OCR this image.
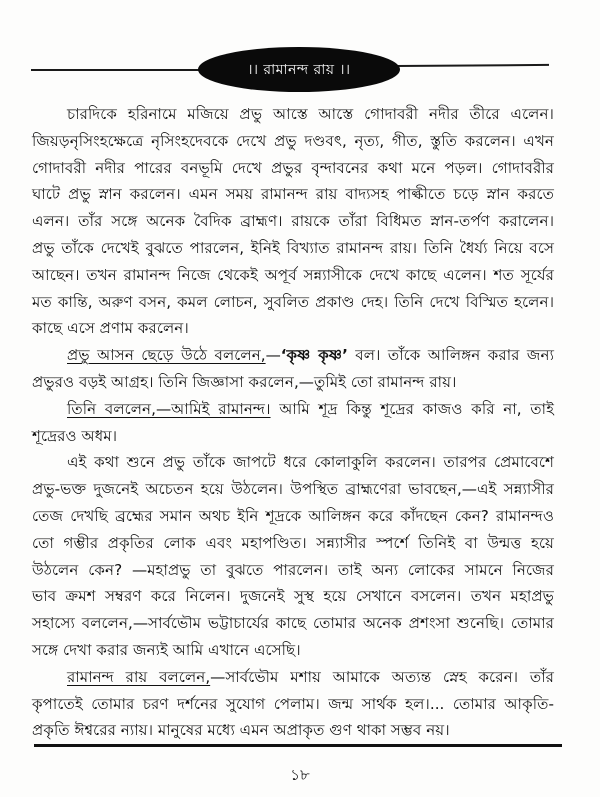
।। রামানন্দ রায় ।।
চারদিকে হরিনামে মজিয়ে প্রভু আস্তে আস্তে গোদাবরী নদীর তীরে এলেন।
জিয়ড়নৃসিংহক্ষেত্রে নৃসিংহদেবকে দেখে প্রভু দণ্ডবৎ, নৃত্য, গীত, স্তুতি করলেন। এখন
গোদাবরী নদীর পারের বনভূমি দেখে প্রভুর বৃন্দাবনের কথা মনে পড়ল। গোদাবরীর
ঘাটে প্রভু স্নান করলেন। এমন সময় রামানন্দ রায় বাদ্যসহ পাল্কীতে চড়ে স্নান করতে
এলন। তাঁর সঙ্গে অনেক বৈদিক ব্রাহ্মণ। রায়কে তাঁরা বিধিমত স্নান-তর্পণ করালেন।
প্রভু তাঁকে দেখেই বুঝতে পারলেন, ইনিই বিখ্যাত রামানন্দ রায়। তিনি ধৈর্য্য নিয়ে বসে
আছেন। তখন রামানন্দ নিজে থেকেই অপূর্ব সন্ন্যাসীকে দেখে কাছে এলেন। শত সূর্যের
মত কান্তি, অরুণ বসন, কমল লোচন, সুবলিত প্রকাণ্ড দেহ। তিনি দেখে বিস্মিত হলেন।
কাছে এসে প্রণাম করলেন।
প্রভু আসন ছেড়ে উঠে বললেন,—‘কৃষ্ণ কৃষ্ণ’ বল। তাঁকে আলিঙ্গন করার জন্য
প্রভুরও বড়ই আগ্রহ। তিনি জিজ্ঞাসা করলেন,—তুমিই তো রামানন্দ রায়।
তিনি বললেন,—আমিই রামানন্দ। আমি শূদ্র কিন্তু শূদ্রের কাজও করি না, তাই
শূদ্রেরও অধম।
এই কথা শুনে প্রভু তাঁকে জাপটে ধরে কোলাকুলি করলেন। তারপর প্রেমাবেশে
প্রভু-ভক্ত দুজনেই অচেতন হয়ে উঠলেন। উপস্থিত ব্রাহ্মণেরা ভাবছেন,—এই সন্ন্যাসীর
তেজ দেখছি ব্রহ্মের সমান অথচ ইনি শূদ্রকে আলিঙ্গন করে কাঁদছেন কেন? রামানন্দও
তো গম্ভীর প্রকৃতির লোক এবং মহাপণ্ডিত। সন্ন্যাসীর স্পর্শে তিনিই বা উন্মত্ত হয়ে
উঠলেন কেন? —মহাপ্রভু তা বুঝতে পারলেন। তাই অন্য লোকের সামনে নিজের
ভাব ক্রমশ সম্বরণ করে নিলেন। দুজনেই সুস্থ হয়ে সেখানে বসলেন। তখন মহাপ্রভু
সহাস্যে বললেন,—সার্বভৌম ভট্টাচার্যের কাছে তোমার অনেক প্রশংসা শুনেছি। তোমার
সঙ্গে দেখা করার জন্যই আমি এখানে এসেছি।
রামানন্দ রায় বললেন,—সার্বভৌম মশায় আমাকে অত্যন্ত স্নেহ করেন। তাঁর
কৃপাতেই তোমার চরণ দর্শনের সুযোগ পেলাম। জন্ম সার্থক হল।... তোমার আকৃতি-
প্রকৃতি ঈশ্বরের ন্যায়। মানুষের মধ্যে এমন অপ্রাকৃত গুণ থাকা সম্ভব নয়।
১৮
